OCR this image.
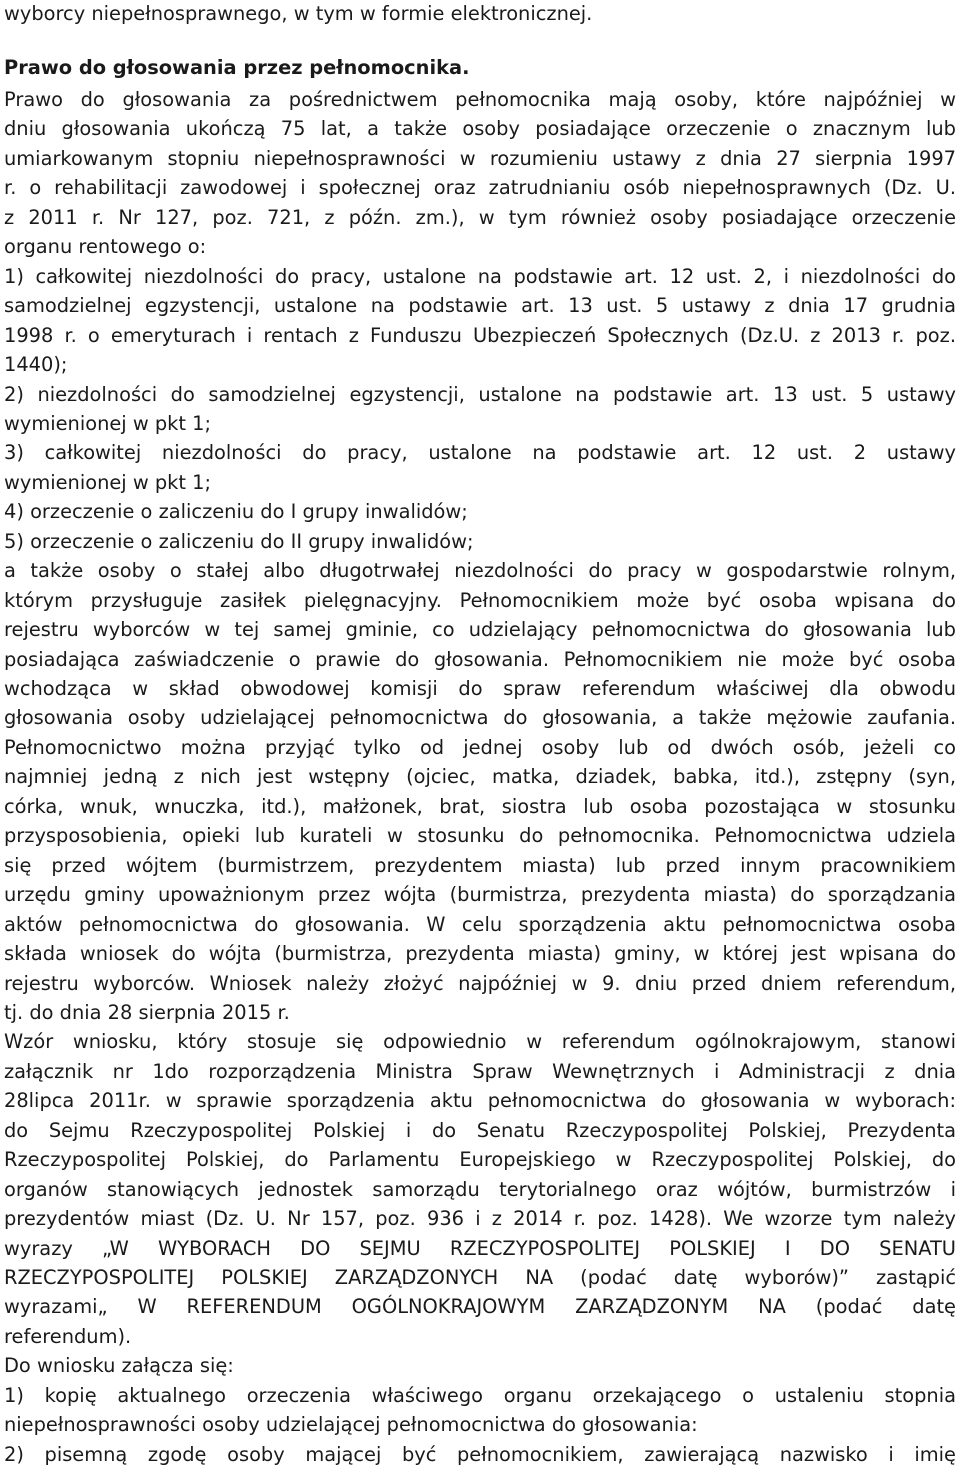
wyborcy niepełnosprawnego, w tym w formie elektronicznej.
Prawo do głosowania przez pełnomocnika.
Prawo do głosowania za pośrednictwem pełnomocnika mają osoby, które najpóźniej w
dniu głosowania ukończą 75 lat, a także osoby posiadające orzeczenie o znacznym lub
umiarkowanym stopniu niepełnosprawności w rozumieniu ustawy z dnia 27 sierpnia 1997
r. o rehabilitacji zawodowej i społecznej oraz zatrudnianiu osób niepełnosprawnych (Dz. U.
z 2011 r. Nr 127, poz. 721, z późn. zm.), w tym również osoby posiadające orzeczenie
organu rentowego o:
1) całkowitej niezdolności do pracy, ustalone na podstawie art. 12 ust. 2, i niezdolności do
samodzielnej egzystencji, ustalone na podstawie art. 13 ust. 5 ustawy z dnia 17 grudnia
1998 r. o emeryturach i rentach z Funduszu Ubezpieczeń Społecznych (Dz.U. z 2013 r. poz.
1440);
2) niezdolności do samodzielnej egzystencji, ustalone na podstawie art. 13 ust. 5 ustawy
wymienionej w pkt 1;
3) całkowitej niezdolności do pracy, ustalone na podstawie art. 12 ust. 2 ustawy
wymienionej w pkt 1;
4) orzeczenie o zaliczeniu do I grupy inwalidów;
5) orzeczenie o zaliczeniu do II grupy inwalidów;
a także osoby o stałej albo długotrwałej niezdolności do pracy w gospodarstwie rolnym,
którym przysługuje zasiłek pielęgnacyjny. Pełnomocnikiem może być osoba wpisana do
rejestru wyborców w tej samej gminie, co udzielający pełnomocnictwa do głosowania lub
posiadająca zaświadczenie o prawie do głosowania. Pełnomocnikiem nie może być osoba
wchodząca w skład obwodowej komisji do spraw referendum właściwej dla obwodu
głosowania osoby udzielającej pełnomocnictwa do głosowania, a także mężowie zaufania.
Pełnomocnictwo można przyjąć tylko od jednej osoby lub od dwóch osób, jeżeli co
najmniej jedną z nich jest wstępny (ojciec, matka, dziadek, babka, itd.), zstępny (syn,
córka, wnuk, wnuczka, itd.), małżonek, brat, siostra lub osoba pozostająca w stosunku
przysposobienia, opieki lub kurateli w stosunku do pełnomocnika. Pełnomocnictwa udziela
się przed wójtem (burmistrzem, prezydentem miasta) lub przed innym pracownikiem
urzędu gminy upoważnionym przez wójta (burmistrza, prezydenta miasta) do sporządzania
aktów pełnomocnictwa do głosowania. W celu sporządzenia aktu pełnomocnictwa osoba
składa wniosek do wójta (burmistrza, prezydenta miasta) gminy, w której jest wpisana do
rejestru wyborców. Wniosek należy złożyć najpóźniej w 9. dniu przed dniem referendum,
tj. do dnia 28 sierpnia 2015 r.
Wzór wniosku, który stosuje się odpowiednio w referendum ogólnokrajowym, stanowi
załącznik nr 1do rozporządzenia Ministra Spraw Wewnętrznych i Administracji z dnia
28lipca 2011r. w sprawie sporządzenia aktu pełnomocnictwa do głosowania w wyborach:
do Sejmu Rzeczypospolitej Polskiej i do Senatu Rzeczypospolitej Polskiej, Prezydenta
Rzeczypospolitej Polskiej, do Parlamentu Europejskiego w Rzeczypospolitej Polskiej, do
organów stanowiących jednostek samorządu terytorialnego oraz wójtów, burmistrzów i
prezydentów miast (Dz. U. Nr 157, poz. 936 i z 2014 r. poz. 1428). We wzorze tym należy
wyrazy „W WYBORACH DO SEJMU RZECZYPOSPOLITEJ POLSKIEJ I DO SENATU
RZECZYPOSPOLITEJ POLSKIEJ ZARZĄDZONYCH NA (podać datę wyborów)” zastąpić
wyrazami„ W REFERENDUM OGÓLNOKRAJOWYM ZARZĄDZONYM NA (podać datę
referendum).
Do wniosku załącza się:
1) kopię aktualnego orzeczenia właściwego organu orzekającego o ustaleniu stopnia
niepełnosprawności osoby udzielającej pełnomocnictwa do głosowania:
2) pisemną zgodę osoby mającej być pełnomocnikiem, zawierającą nazwisko i imię
